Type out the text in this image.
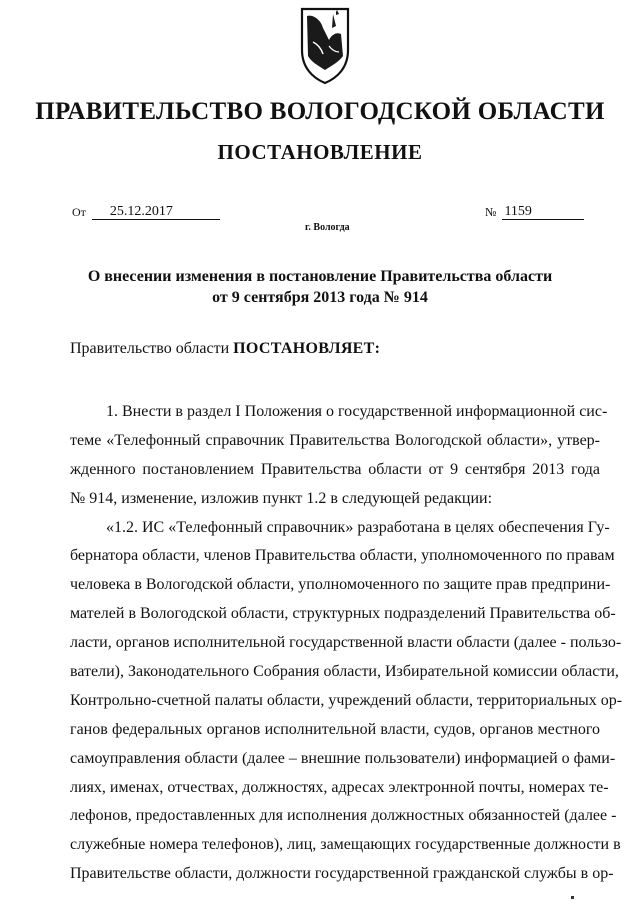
ПРАВИТЕЛЬСТВО ВОЛОГОДСКОЙ ОБЛАСТИ
ПОСТАНОВЛЕНИЕ
От	25.12.2017	№ 1159
г. Вологда
О внесении изменения в постановление Правительства области
от 9 сентября 2013 года № 914
Правительство области ПОСТАНОВЛЯЕТ:
1. Внести в раздел I Положения о государственной информационной сис-
теме «Телефонный справочник Правительства Вологодской области», утвер-
жденного постановлением Правительства области от 9 сентября 2013 года
№ 914, изменение, изложив пункт 1.2 в следующей редакции:
«1.2. ИС «Телефонный справочник» разработана в целях обеспечения Гу-
бернатора области, членов Правительства области, уполномоченного по правам
человека в Вологодской области, уполномоченного по защите прав предприни-
мателей в Вологодской области, структурных подразделений Правительства об-
ласти, органов исполнительной государственной власти области (далее - пользо-
ватели), Законодательного Собрания области, Избирательной комиссии области,
Контрольно-счетной палаты области, учреждений области, территориальных ор-
ганов федеральных органов исполнительной власти, судов, органов местного
самоуправления области (далее – внешние пользователи) информацией о фами-
лиях, именах, отчествах, должностях, адресах электронной почты, номерах те-
лефонов, предоставленных для исполнения должностных обязанностей (далее -
служебные номера телефонов), лиц, замещающих государственные должности в
Правительстве области, должности государственной гражданской службы в ор-
